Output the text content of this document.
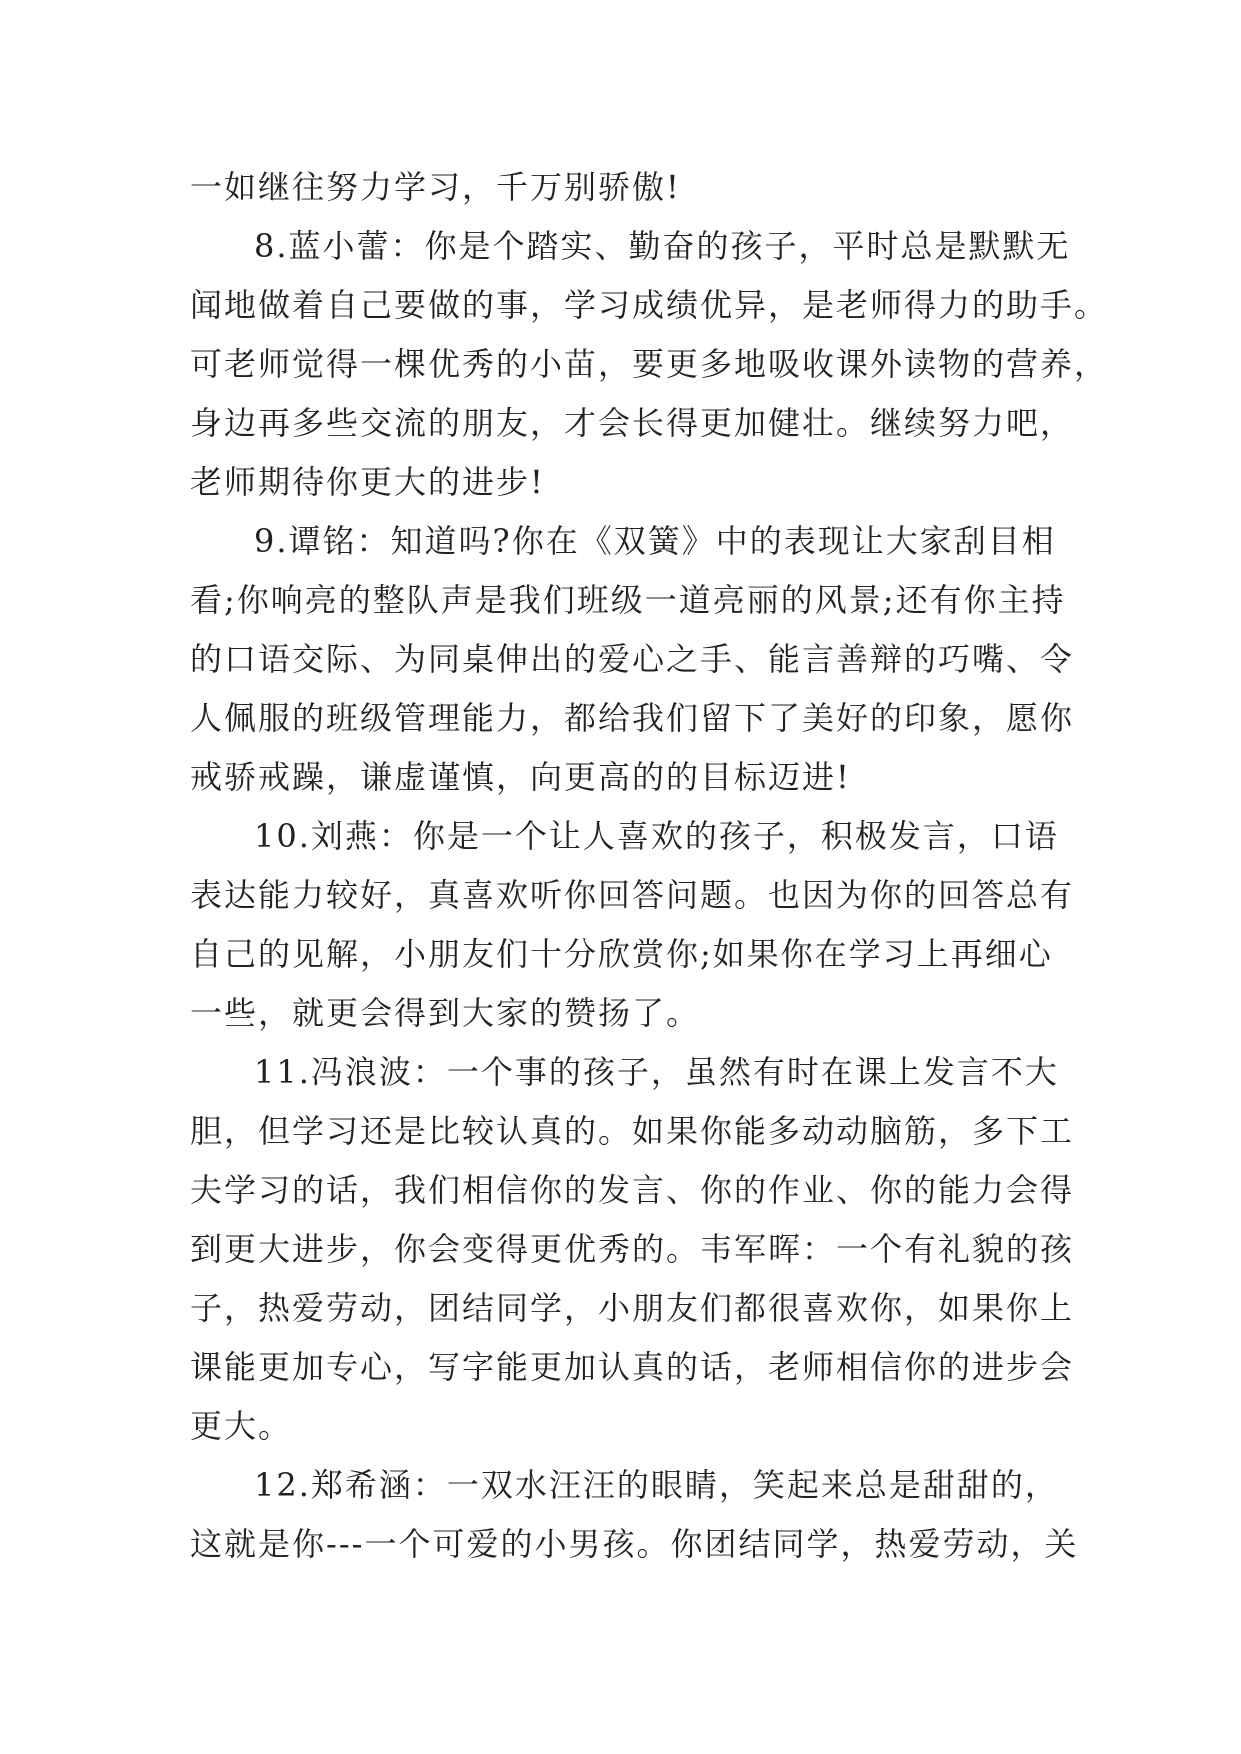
一如继往努力学习，千万别骄傲!
8.蓝小蕾：你是个踏实、勤奋的孩子，平时总是默默无
闻地做着自己要做的事，学习成绩优异，是老师得力的助手。
可老师觉得一棵优秀的小苗，要更多地吸收课外读物的营养，
身边再多些交流的朋友，才会长得更加健壮。继续努力吧，
老师期待你更大的进步!
9.谭铭：知道吗?你在《双簧》中的表现让大家刮目相
看;你响亮的整队声是我们班级一道亮丽的风景;还有你主持
的口语交际、为同桌伸出的爱心之手、能言善辩的巧嘴、令
人佩服的班级管理能力，都给我们留下了美好的印象，愿你
戒骄戒躁，谦虚谨慎，向更高的的目标迈进!
10.刘燕：你是一个让人喜欢的孩子，积极发言，口语
表达能力较好，真喜欢听你回答问题。也因为你的回答总有
自己的见解，小朋友们十分欣赏你;如果你在学习上再细心
一些，就更会得到大家的赞扬了。
11.冯浪波：一个事的孩子，虽然有时在课上发言不大
胆，但学习还是比较认真的。如果你能多动动脑筋，多下工
夫学习的话，我们相信你的发言、你的作业、你的能力会得
到更大进步，你会变得更优秀的。韦军晖：一个有礼貌的孩
子，热爱劳动，团结同学，小朋友们都很喜欢你，如果你上
课能更加专心，写字能更加认真的话，老师相信你的进步会
更大。
12.郑希涵：一双水汪汪的眼睛，笑起来总是甜甜的，
这就是你---一个可爱的小男孩。你团结同学，热爱劳动，关
